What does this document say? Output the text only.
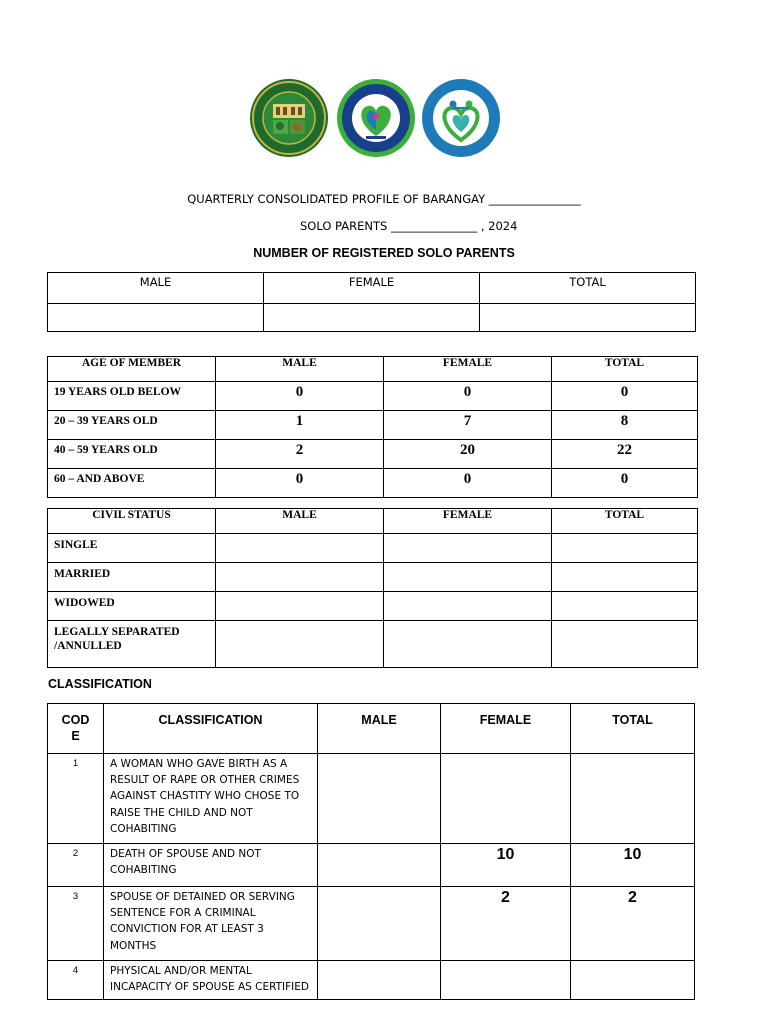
QUARTERLY CONSOLIDATED PROFILE OF BARANGAY ________________
SOLO PARENTS _______________ , 2024
NUMBER OF REGISTERED SOLO PARENTS
MALE	FEMALE	TOTAL

AGE OF MEMBER	MALE	FEMALE	TOTAL
19 YEARS OLD BELOW	0	0	0
20 – 39 YEARS OLD	1	7	8
40 – 59 YEARS OLD	2	20	22
60 – AND ABOVE	0	0	0
CIVIL STATUS	MALE	FEMALE	TOTAL
SINGLE			
MARRIED			
WIDOWED			
LEGALLY SEPARATED /ANNULLED			
CLASSIFICATION
CODE	CLASSIFICATION	MALE	FEMALE	TOTAL
1	A WOMAN WHO GAVE BIRTH AS A RESULT OF RAPE OR OTHER CRIMES AGAINST CHASTITY WHO CHOSE TO RAISE THE CHILD AND NOT COHABITING			
2	DEATH OF SPOUSE AND NOT COHABITING		10	10
3	SPOUSE OF DETAINED OR SERVING SENTENCE FOR A CRIMINAL CONVICTION FOR AT LEAST 3 MONTHS		2	2
4	PHYSICAL AND/OR MENTAL INCAPACITY OF SPOUSE AS CERTIFIED			
